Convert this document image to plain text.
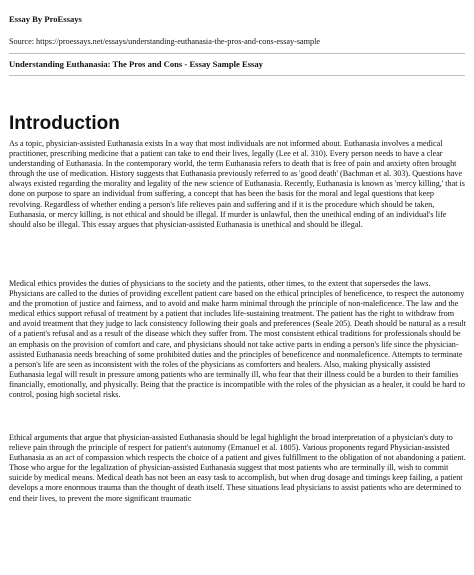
Essay By ProEssays
Source: https://proessays.net/essays/understanding-euthanasia-the-pros-and-cons-essay-sample
Understanding Euthanasia: The Pros and Cons - Essay Sample Essay
Introduction

As a topic, physician-assisted Euthanasia exists In a way that most individuals are not informed about. Euthanasia involves a medical practitioner, prescribing medicine that a patient can take to end their lives, legally (Lee et al. 310). Every person needs to have a clear understanding of Euthanasia. In the contemporary world, the term Euthanasia refers to death that is free of pain and anxiety often brought through the use of medication. History suggests that Euthanasia previously referred to as 'good death' (Bachman et al. 303). Questions have always existed regarding the morality and legality of the new science of Euthanasia. Recently, Euthanasia is known as 'mercy killing,' that is done on purpose to spare an individual from suffering, a concept that has been the basis for the moral and legal questions that keep revolving. Regardless of whether ending a person's life relieves pain and suffering and if it is the procedure which should be taken, Euthanasia, or mercy killing, is not ethical and should be illegal. If murder is unlawful, then the unethical ending of an individual's life should also be illegal. This essay argues that physician-assisted Euthanasia is unethical and should be illegal.

Medical ethics provides the duties of physicians to the society and the patients, other times, to the extent that supersedes the laws. Physicians are called to the duties of providing excellent patient care based on the ethical principles of beneficence, to respect the autonomy and the promotion of justice and fairness, and to avoid and make harm minimal through the principle of non-maleficence. The law and the medical ethics support refusal of treatment by a patient that includes life-sustaining treatment. The patient has the right to withdraw from and avoid treatment that they judge to lack consistency following their goals and preferences (Seale 205). Death should be natural as a result of a patient's refusal and as a result of the disease which they suffer from. The most consistent ethical traditions for professionals should be an emphasis on the provision of comfort and care, and physicians should not take active parts in ending a person's life since the physician-assisted Euthanasia needs breaching of some prohibited duties and the principles of beneficence and nonmaleficence. Attempts to terminate a person's life are seen as inconsistent with the roles of the physicians as comforters and healers. Also, making physically assisted Euthanasia legal will result in pressure among patients who are terminally ill, who fear that their illness could be a burden to their families financially, emotionally, and physically. Being that the practice is incompatible with the roles of the physician as a healer, it could be hard to control, posing high societal risks.

Ethical arguments that argue that physician-assisted Euthanasia should be legal highlight the broad interpretation of a physician's duty to relieve pain through the principle of respect for patient's autonomy (Emanuel et al. 1805). Various proponents regard Physician-assisted Euthanasia as an act of compassion which respects the choice of a patient and gives fulfillment to the obligation of not abandoning a patient. Those who argue for the legalization of physician-assisted Euthanasia suggest that most patients who are terminally ill, wish to commit suicide by medical means. Medical death has not been an easy task to accomplish, but when drug dosage and timings keep failing, a patient develops a more enormous trauma than the thought of death itself. These situations lead physicians to assist patients who are determined to end their lives, to prevent the more significant traumatic
